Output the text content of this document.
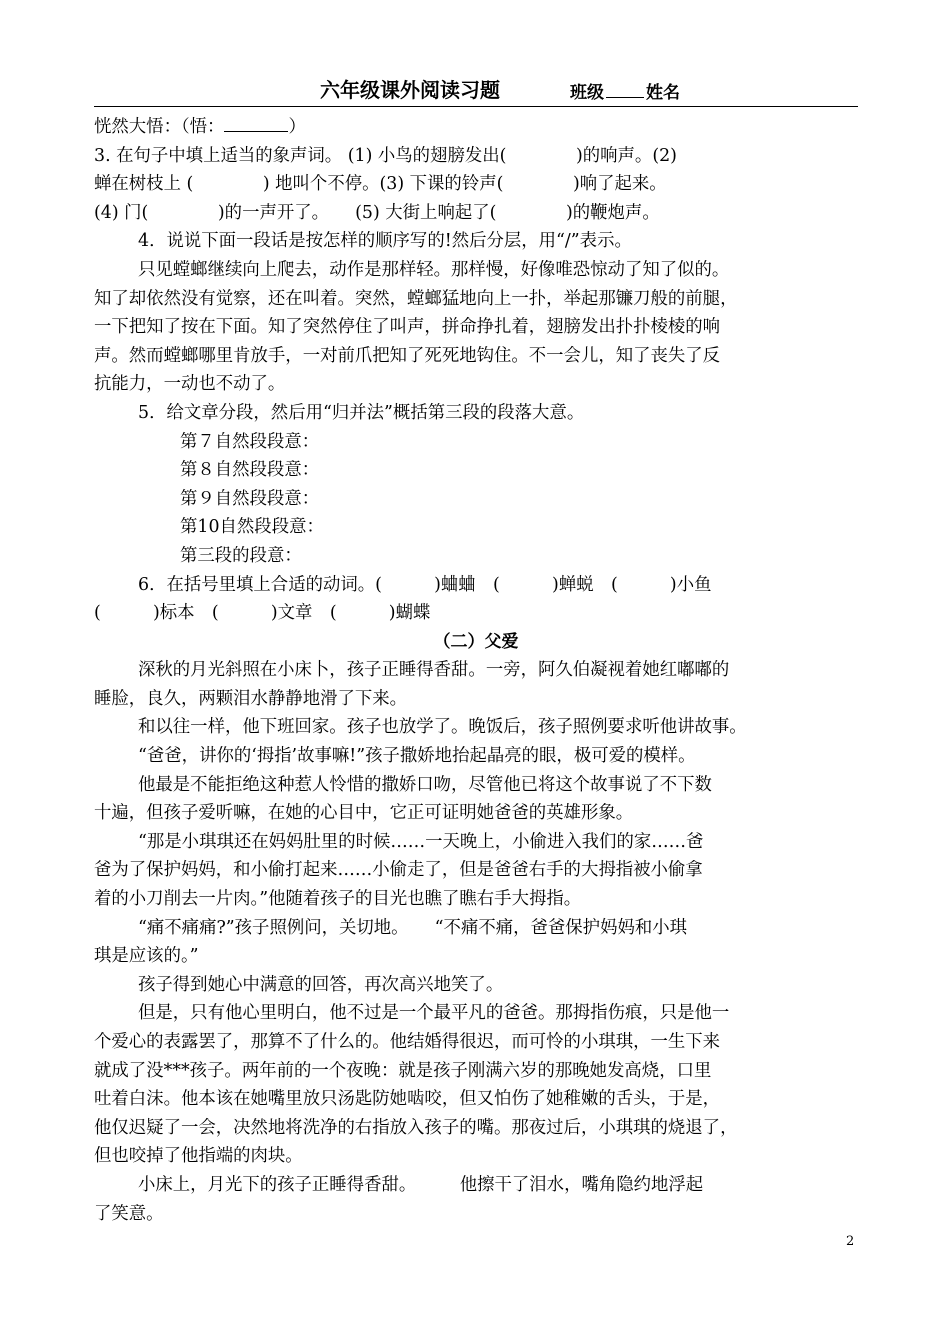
六年级课外阅读习题	班级 姓名
恍然大悟：（悟：	）
3. 在句子中填上适当的象声词。 (1) 小鸟的翅膀发出(　　　　)的响声。(2)
蝉在树枝上 (　　　　) 地叫个不停。(3) 下课的铃声(　　　　)响了起来。
(4) 门(　　　　)的一声开了。　　(5) 大街上响起了(　　　　)的鞭炮声。
4．说说下面一段话是按怎样的顺序写的!然后分层，用“/”表示。
只见螳螂继续向上爬去，动作是那样轻。那样慢，好像唯恐惊动了知了似的。
知了却依然没有觉察，还在叫着。突然，螳螂猛地向上一扑，举起那镰刀般的前腿，
一下把知了按在下面。知了突然停住了叫声，拼命挣扎着，翅膀发出扑扑棱棱的响
声。然而螳螂哪里肯放手，一对前爪把知了死死地钩住。不一会儿，知了丧失了反
抗能力，一动也不动了。
5．给文章分段，然后用“归并法”概括第三段的段落大意。
第７自然段段意：
第８自然段段意：
第９自然段段意：
第10自然段段意：
第三段的段意：
6．在括号里填上合适的动词。(　　　)蛐蛐　(　　　)蝉蜕　(　　　)小鱼
(　　　)标本　(　　　)文章　(　　　)蝴蝶
（二）父爱
深秋的月光斜照在小床卜，孩子正睡得香甜。一旁，阿久伯凝视着她红嘟嘟的
睡脸，良久，两颗泪水静静地滑了下来。
和以往一样，他下班回家。孩子也放学了。晚饭后，孩子照例要求听他讲故事。
“爸爸，讲你的‘拇指’故事嘛!”孩子撒娇地抬起晶亮的眼，极可爱的模样。
他最是不能拒绝这种惹人怜惜的撒娇口吻，尽管他已将这个故事说了不下数
十遍，但孩子爱听嘛，在她的心目中，它正可证明她爸爸的英雄形象。
“那是小琪琪还在妈妈肚里的时候……一天晚上，小偷进入我们的家……爸
爸为了保护妈妈，和小偷打起来……小偷走了，但是爸爸右手的大拇指被小偷拿
着的小刀削去一片肉。”他随着孩子的目光也瞧了瞧右手大拇指。
“痛不痛痛?”孩子照例问，关切地。　　“不痛不痛，爸爸保护妈妈和小琪
琪是应该的。”
孩子得到她心中满意的回答，再次高兴地笑了。
但是，只有他心里明白，他不过是一个最平凡的爸爸。那拇指伤痕，只是他一
个爱心的表露罢了，那算不了什么的。他结婚得很迟，而可怜的小琪琪，一生下来
就成了没***孩子。两年前的一个夜晚：就是孩子刚满六岁的那晚她发高烧，口里
吐着白沫。他本该在她嘴里放只汤匙防她啮咬，但又怕伤了她稚嫩的舌头，于是，
他仅迟疑了一会，决然地将洗净的右指放入孩子的嘴。那夜过后，小琪琪的烧退了，
但也咬掉了他指端的肉块。
小床上，月光下的孩子正睡得香甜。　　　他擦干了泪水，嘴角隐约地浮起
了笑意。
2
